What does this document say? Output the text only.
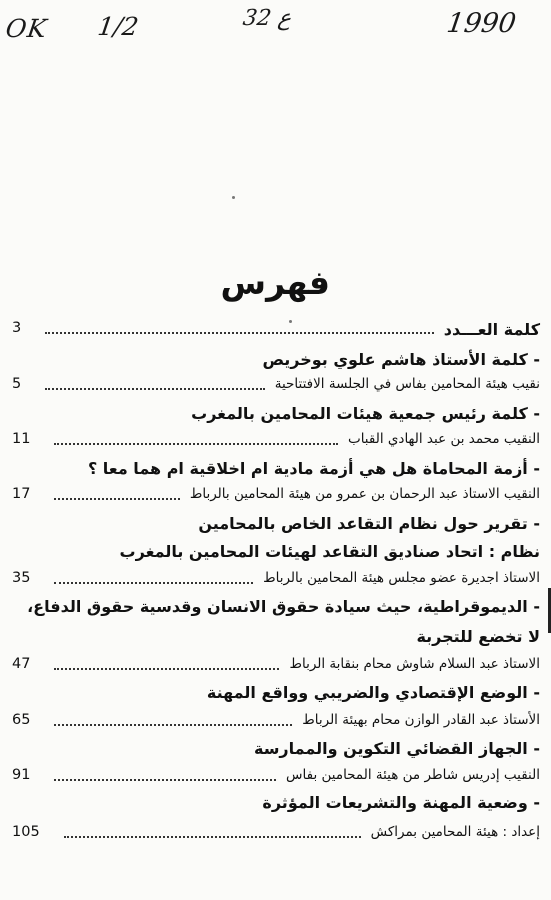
OK 1/2	32 ع	1990
فهرس
كلمة العـــدد
3
- كلمة الأستاذ هاشم علوي بوخريص
نقيب هيئة المحامين بفاس في الجلسة الافتتاحية
5
- كلمة رئيس جمعية هيئات المحامين بالمغرب
النقيب محمد بن عبد الهادي القباب
11
- أزمة المحاماة هل هي أزمة مادية ام اخلاقية ام هما معا ؟
النقيب الاستاذ عبد الرحمان بن عمرو من هيئة المحامين بالرباط
17
- تقرير حول نظام التقاعد الخاص بالمحامين
نظام : اتحاد صناديق التقاعد لهيئات المحامين بالمغرب
الاستاذ اجديرة عضو مجلس هيئة المحامين بالرباط
35
- الديموقراطية، حيث سيادة حقوق الانسان وقدسية حقوق الدفاع،
لا تخضع للتجربة
الاستاذ عبد السلام شاوش محام بنقابة الرباط
47
- الوضع الإقتصادي والضريبي وواقع المهنة
الأستاذ عبد القادر الوازن محام بهيئة الرباط
65
- الجهاز القضائي التكوين والممارسة
النقيب إدريس شاطر من هيئة المحامين بفاس
91
- وضعية المهنة والتشريعات المؤثرة
إعداد : هيئة المحامين بمراكش
105
